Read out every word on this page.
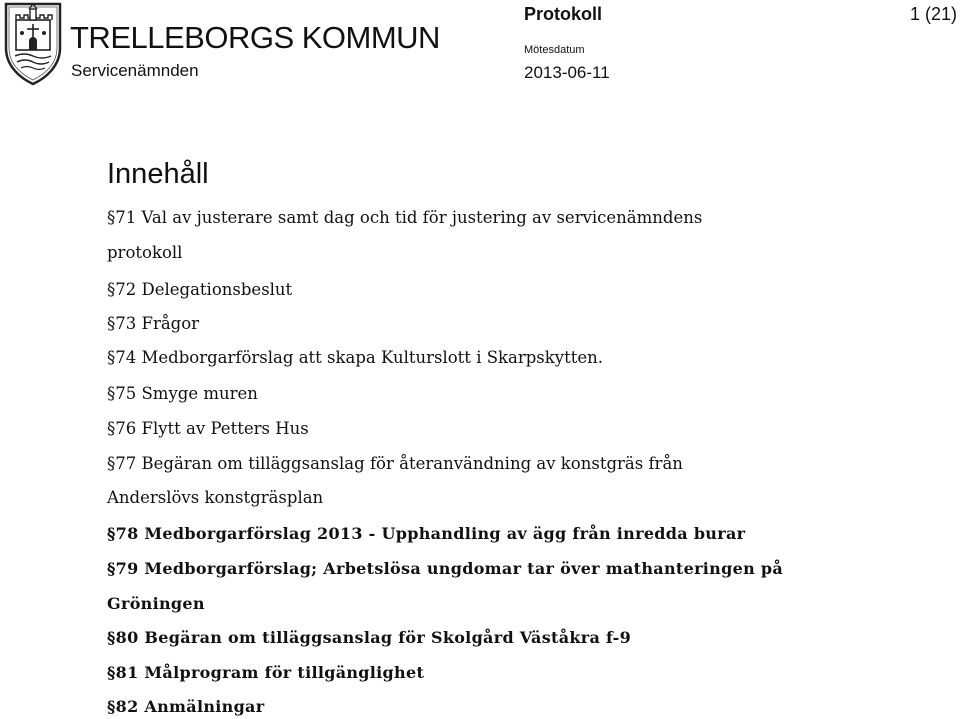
TRELLEBORGS KOMMUN
Servicenämnden
Protokoll	1 (21)
Mötesdatum
2013-06-11
Innehåll
§71 Val av justerare samt dag och tid för justering av servicenämndens
protokoll
§72 Delegationsbeslut
§73 Frågor
§74 Medborgarförslag att skapa Kulturslott i Skarpskytten.
§75 Smyge muren
§76 Flytt av Petters Hus
§77 Begäran om tilläggsanslag för återanvändning av konstgräs från
Anderslövs konstgräsplan
§78 Medborgarförslag 2013 - Upphandling av ägg från inredda burar
§79 Medborgarförslag; Arbetslösa ungdomar tar över mathanteringen på
Gröningen
§80 Begäran om tilläggsanslag för Skolgård Väståkra f-9
§81 Målprogram för tillgänglighet
§82 Anmälningar
